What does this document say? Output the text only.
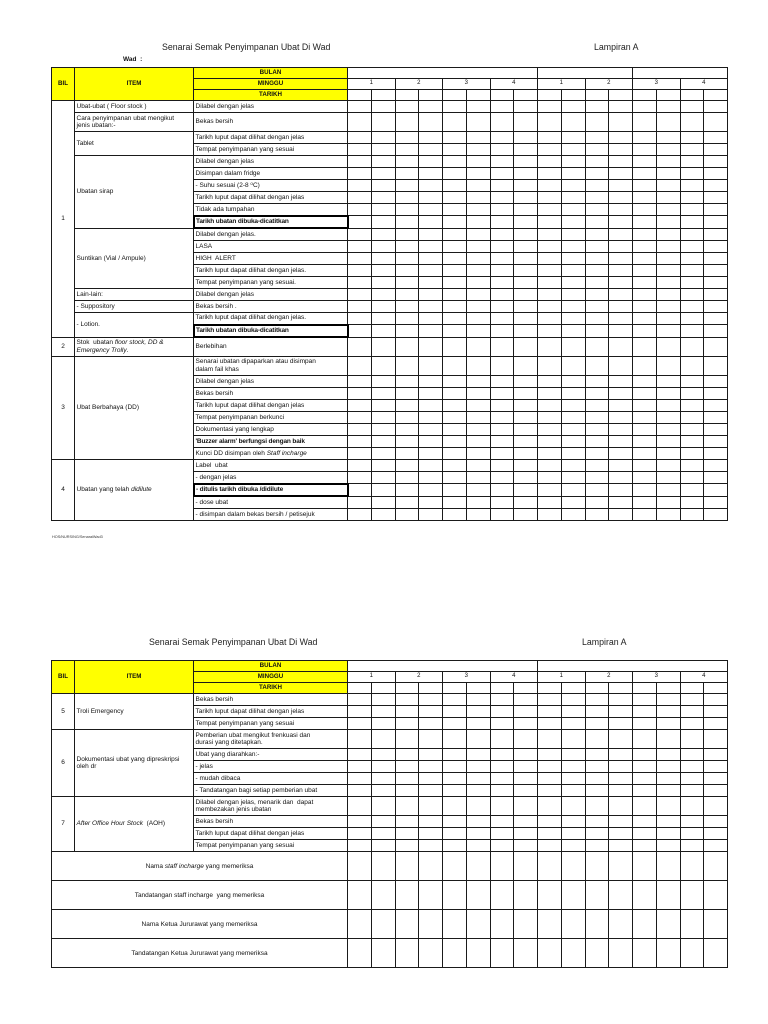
Senarai Semak Penyimpanan Ubat Di Wad	Lampiran A
Wad  :
BIL	ITEM	BULAN																
		MINGGU	1		2		3		4		1		2		3		4	
		TARIKH																
1	Ubat-ubat ( Floor stock )	Dilabel dengan jelas																
	Cara penyimpanan ubat mengikut
jenis ubatan:-	Bekas bersih																
	Tablet	Tarikh luput dapat dilihat dengan jelas																
		Tempat penyimpanan yang sesuai																
	Ubatan sirap	Dilabel dengan jelas																
		Disimpan dalam fridge																
		- Suhu sesuai (2-8 $^o$C)																
		Tarikh luput dapat dilihat dengan jelas																
		Tidak ada tumpahan																
		Tarikh ubatan dibuka-dicatitkan																
	Suntikan (Vial / Ampule)	Dilabel dengan jelas.																
		LASA																
		HIGH  ALERT																
		Tarikh luput dapat dilihat dengan jelas.																
		Tempat penyimpanan yang sesuai.																
	Lain-lain:	Dilabel dengan jelas																
	- Suppository	Bekas bersih .																
	- Lotion.	Tarikh luput dapat dilihat dengan jelas.																
		Tarikh ubatan dibuka-dicatitkan																
2	Stok  ubatan floor stock, DD &
Emergency Trolly.	Berlebihan																
3	Ubat Berbahaya (DD)	Senarai ubatan dipaparkan atau disimpan
dalam fail khas																
		Dilabel dengan jelas																
		Bekas bersih																
		Tarikh luput dapat dilihat dengan jelas																
		Tempat penyimpanan berkunci																
		Dokumentasi yang lengkap																
		'Buzzer alarm' berfungsi dengan baik																
		Kunci DD disimpan oleh Staff incharge																
4	Ubatan yang telah didilute	Label  ubat																
		- dengan jelas																
		- ditulis tarikh dibuka /didilute																
		- dose ubat																
		- disimpan dalam bekas bersih / petisejuk																
HOS/NURSING/SenaraiWad3
Senarai Semak Penyimpanan Ubat Di Wad	Lampiran A
BIL	ITEM	BULAN																
		MINGGU	1		2		3		4		1		2		3		4	
		TARIKH																
5	Troli Emergency	Bekas bersih																
		Tarikh luput dapat dilihat dengan jelas																
		Tempat penyimpanan yang sesuai																
6	Dokumentasi ubat yang dipreskripsi
oleh dr	Pemberian ubat mengikut frenkuasi dan
durasi yang ditetapkan.																
		Ubat yang diarahkan:-																
		- jelas																
		- mudah dibaca																
		- Tandatangan bagi setiap pemberian ubat																
7	After Office Hour Stock  (AOH)	Dilabel dengan jelas, menarik dan  dapat
membezakan jenis ubatan																
		Bekas bersih																
		Tarikh luput dapat dilihat dengan jelas																
		Tempat penyimpanan yang sesuai																
Nama staff incharge yang memeriksa																		
Tandatangan staff incharge  yang memeriksa																		
Nama Ketua Jururawat yang memeriksa																		
Tandatangan Ketua Jururawat yang memeriksa																		
